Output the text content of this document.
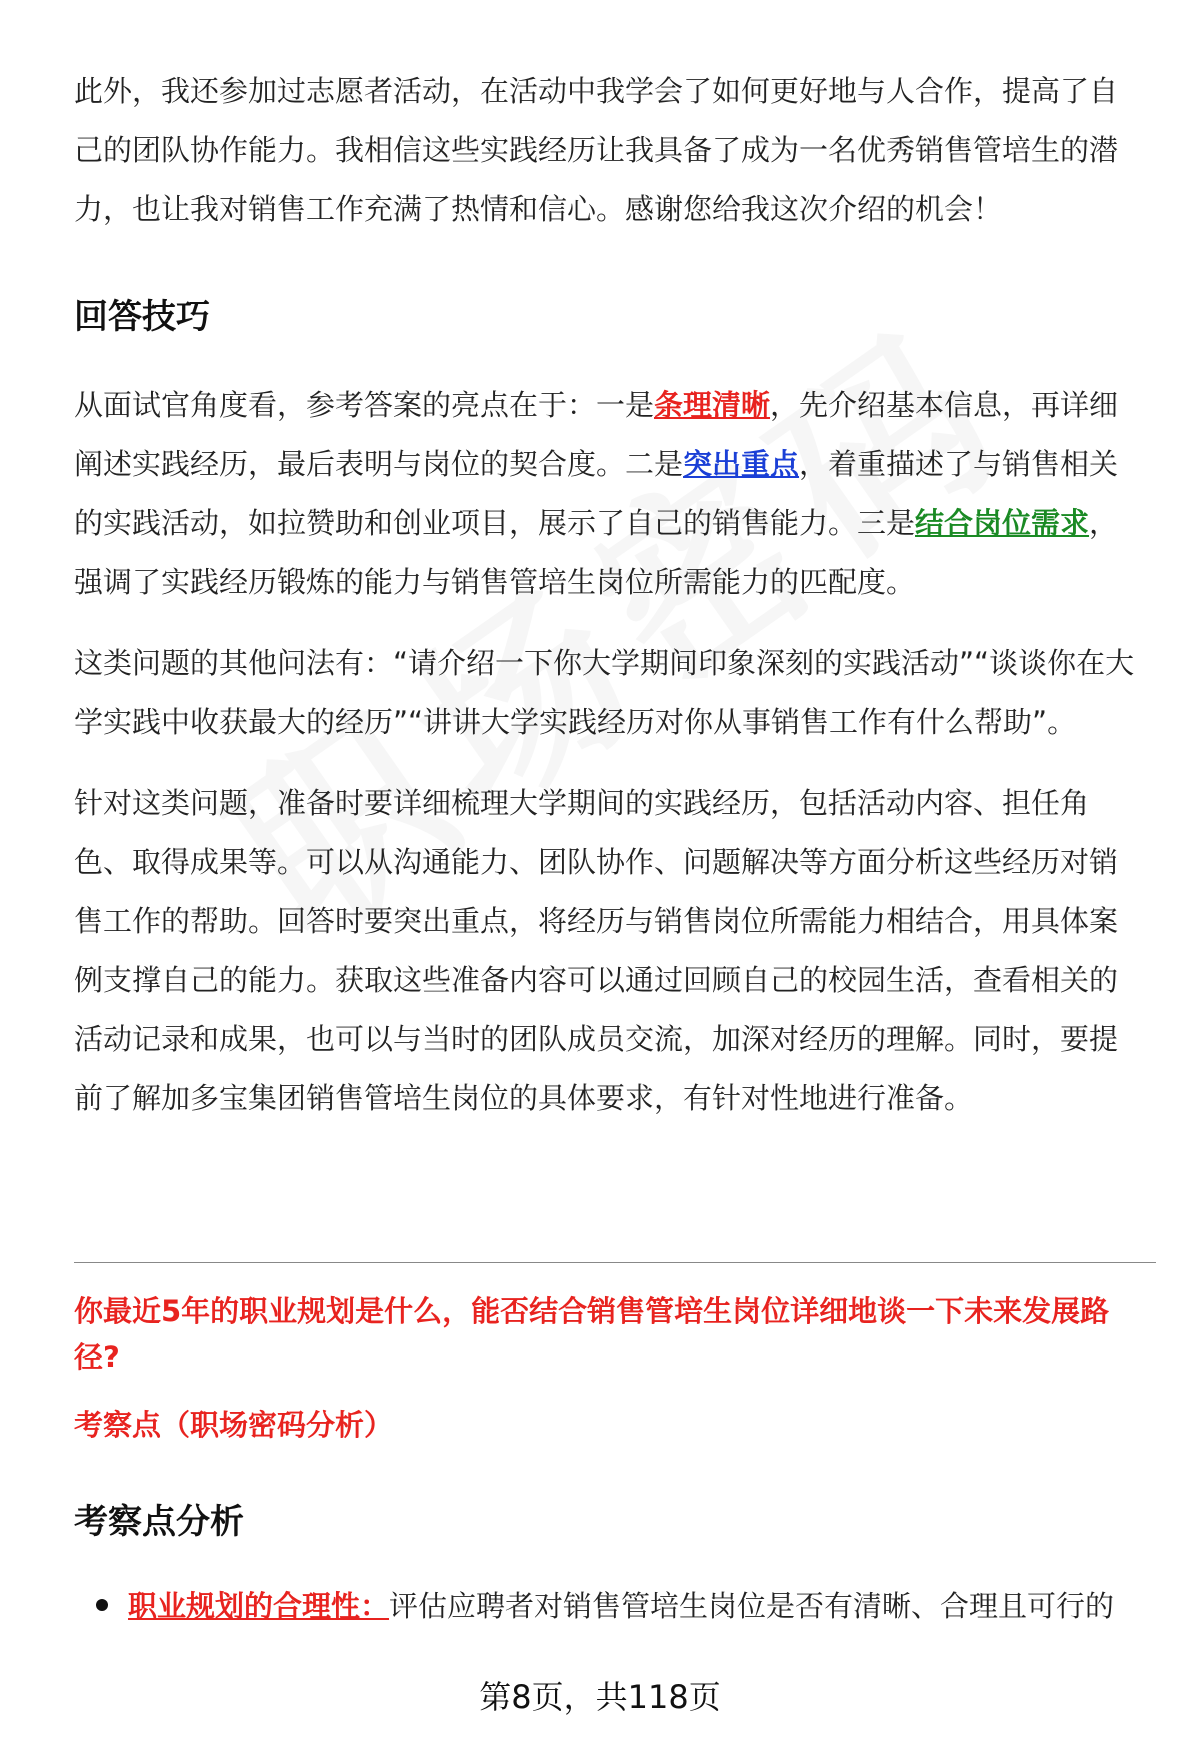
此外，我还参加过志愿者活动，在活动中我学会了如何更好地与人合作，提高了自己的团队协作能力。我相信这些实践经历让我具备了成为一名优秀销售管培生的潜力，也让我对销售工作充满了热情和信心。感谢您给我这次介绍的机会！

回答技巧

从面试官角度看，参考答案的亮点在于：一是条理清晰，先介绍基本信息，再详细阐述实践经历，最后表明与岗位的契合度。二是突出重点，着重描述了与销售相关的实践活动，如拉赞助和创业项目，展示了自己的销售能力。三是结合岗位需求，强调了实践经历锻炼的能力与销售管培生岗位所需能力的匹配度。

这类问题的其他问法有：“请介绍一下你大学期间印象深刻的实践活动”“谈谈你在大学实践中收获最大的经历”“讲讲大学实践经历对你从事销售工作有什么帮助”。

针对这类问题，准备时要详细梳理大学期间的实践经历，包括活动内容、担任角色、取得成果等。可以从沟通能力、团队协作、问题解决等方面分析这些经历对销售工作的帮助。回答时要突出重点，将经历与销售岗位所需能力相结合，用具体案例支撑自己的能力。获取这些准备内容可以通过回顾自己的校园生活，查看相关的活动记录和成果，也可以与当时的团队成员交流，加深对经历的理解。同时，要提前了解加多宝集团销售管培生岗位的具体要求，有针对性地进行准备。

你最近5年的职业规划是什么，能否结合销售管培生岗位详细地谈一下未来发展路径?

考察点（职场密码分析）

考察点分析

职业规划的合理性：评估应聘者对销售管培生岗位是否有清晰、合理且可行的

第8页，共118页
